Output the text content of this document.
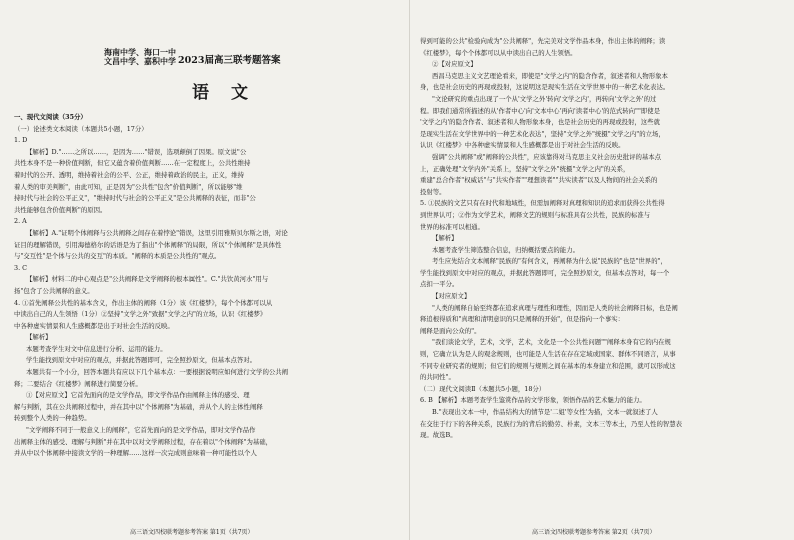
海南中学、海口一中
文昌中学、嘉积中学 2023届高三联考题答案
语文
一、现代文阅读（35分）
（一）论述类文本阅读（本题共5小题，17分）
1. D
【解析】D."……之所以……，是因为……"错误，选项颠倒了因果。原文说"公
共性本身不是一种价值判断，但它又蕴含着价值判断……在一定程度上，公共性维持
着时代的公开、透明，维持着社会的公平、公正，维持着政治的民主，正义，维持
着人类的审美判断"，由此可知，正是因为"公共性"包含"价值判断"，所以能够"维
持时代与社会的公平正义"，"维持时代与社会的公平正义"是公共阐释的表征，而非"公
共性能够包含价值判断"的原因。
2. A
【解析】A."证明个体阐释与公共阐释之间存在着悖论"错误，这里引用雅斯贝尔斯之语，对论
证目的理解错误，引用海德格尔的话语是为了指出"个体阐释"的局限，所以"个体阐释"是具体性
与"交互性"是个体与公共的交互"的本质。"阐释的本质是公共性的"观点。
3. C
【解析】材料二的中心观点是"公共阐释是文学阐释的根本属性"。C."共饮黄河水"用与
扬"包含了公共阐释的意义。
4. ①首先阐释公共性的基本含义，作出主体的阐释（1分）该《红楼梦》，每个个体都可以从
中读出自己的人生领悟（1分）②坚持"文学之外"致据"文学之内"的立场，认识《红楼梦》
中各种虚实情景和人生感概都是出于对社会生活的反映。
【解析】
本题考查学生对文中信息进行分析、运用的能力。
学生能找到原文中对应的观点，并据此答题即可，完全照抄原文，但基本点答对。
本题共有一个小分，回答本题共有应以下几个基本点：一要根据说明应如何进行文学的公共阐
释；二要结合《红楼梦》阐释进行简要分析。
①【对应原文】它首先面向的是文学作品，即文学作品作由阐释主体的感受、理
解与判断，其在公共阐释过程中，并在其中以"个体阐释"为基础，并从个人的主体性阐释
转到整个人类的一种趋势。
"文学阐释不同于一般意义上的阐释"，它首先面向的是文学作品，即对文学作品作
出阐释主体的感受、理解与判断"并在其中以对文学阐释过程，存在着以"个体阐释"为基础，
并从中以个体阐释中接读文学的一种理解……这样一次完成则意味着一种可能性以个人
高三语文四校联考题参考答案 第1页（共7页）
得到可能的公共"检验向成为"公共阐释"，先完美对文学作品本身，作出主体的阐释；读
《红楼梦》，每个个体都可以从中读出自己的人生领悟。
②【对应原文】
西昌马克思主义文艺理论看来，即使是"文学之内"的隐含作者，叙述者和人物形象本
身，也是社会历史的再现或投射，这说明这是现实生活在文学世界中的一种艺术化表达。
"文论研究的重点出现了一个从'文学之外'转向'文学之内'，再转向'文学之外'的过
程。即我们通常所描述的从'作者中心'向'文本中心'再向'读者中心'的范式转向""即使是
'文学之内'的隐含作者、叙述者和人物形象本身，也是社会历史的再现或投射，这些就
是现实生活在文学世界中的一种艺术化表达"，坚持"文学之外"统摄"文学之内"的立场，
认识《红楼梦》中各种虚实情景和人生感概都是出于对社会生活的反映。
强调"公共阐释"或"阐释的公共性"，应该靠得对马克思主义社会历史批评的基本点
上，正确处理"文学内外"关系上，坚持"文学之外"统摄"文学之内"的关系，
重建"总合作者"权威话"与"共实作者""理想读者""共实读者"以及人物间的社会关系的
投射等。
5. ①民族的文艺只有在时代和地域性，但需加阐释对真理和知识的追求而获得公共性得
到世界认可；②作为文学艺术，阐释文艺的规则与标准具有公共性，民族的标准与
世界的标准可以相通。
【解析】
本题考查学生筛选整合信息，归纳概括要点的能力。
考生应先结合文本阐释"民族的"有何含义，再阐释为什么说"民族的"也是"世界的"，
学生能找到原文中对应的观点，并据此答题即可，完全照抄原文，但基本点答对，每一个
点扣一平分。
【对应原文】
"人类的阐释自始至终都在追求真理与理性和理性，因而是人类的社会阐释目标，也是阐
释追根得质和"真理和清明意识的只是阐释的开始"，但是指向一个事实：
阐释是面向公众的"。
"我们谈论文学，艺术，文学，艺术，文化是一个公共性问题""阐释本身有它的内在规
则，它确立认为是人的观念规则，也可能是人生活在存在定域或国家、群体不同语言，从事
不同专业研究者的规则；但它们的规则与规则之间在基本的本身建立和范围，就可以形成这
的共同性"。
（二）现代文阅读Ⅱ（本题共5小题，18分）
6. B 【解析】本题考查学生鉴赏作品的文学形象，领悟作品的艺术魅力的能力。
B."表现出文本一中，作品结构大的情节是'二姐'等女性'为描，文本一就叙述了人
在交往于行下的各种关系，民族行为的背后的勤劳、朴素，文本三等本土，乃至人性的智慧表
现。故选B。
高三语文四校联考题参考答案 第2页（共7页）
